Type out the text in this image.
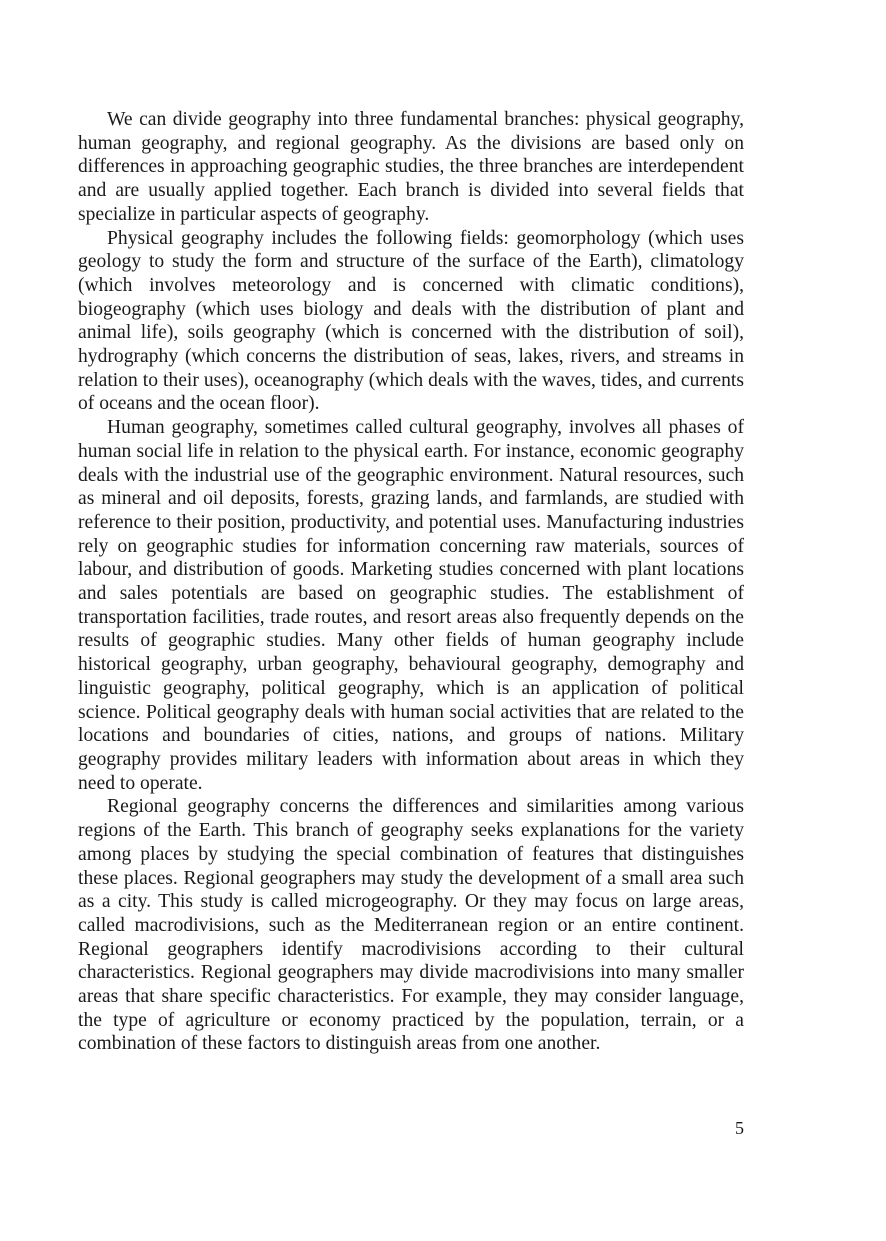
We can divide geography into three fundamental branches: physical geography, human geography, and regional geography. As the divisions are based only on differences in approaching geographic studies, the three branches are interdependent and are usually applied together. Each branch is divided into several fields that specialize in particular aspects of geography.

Physical geography includes the following fields: geomorphology (which uses geology to study the form and structure of the surface of the Earth), climatology (which involves meteorology and is concerned with climatic conditions), biogeography (which uses biology and deals with the distribution of plant and animal life), soils geography (which is concerned with the distribution of soil), hydrography (which concerns the distribution of seas, lakes, rivers, and streams in relation to their uses), oceanography (which deals with the waves, tides, and currents of oceans and the ocean floor).

Human geography, sometimes called cultural geography, involves all phases of human social life in relation to the physical earth. For instance, economic geography deals with the industrial use of the geographic environment. Natural resources, such as mineral and oil deposits, forests, grazing lands, and farmlands, are studied with reference to their position, productivity, and potential uses. Manufacturing industries rely on geographic studies for information concerning raw materials, sources of labour, and distribution of goods. Marketing studies concerned with plant locations and sales potentials are based on geographic studies. The establishment of transportation facilities, trade routes, and resort areas also frequently depends on the results of geographic studies. Many other fields of human geography include historical geography, urban geography, behavioural geography, demography and linguistic geography, political geography, which is an application of political science. Political geography deals with human social activities that are related to the locations and boundaries of cities, nations, and groups of nations. Military geography provides military leaders with information about areas in which they need to operate.

Regional geography concerns the differences and similarities among various regions of the Earth. This branch of geography seeks explanations for the variety among places by studying the special combination of features that distinguishes these places. Regional geographers may study the development of a small area such as a city. This study is called microgeography. Or they may focus on large areas, called macrodivisions, such as the Mediterranean region or an entire continent. Regional geographers identify macrodivisions according to their cultural characteristics. Regional geographers may divide macrodivisions into many smaller areas that share specific characteristics. For example, they may consider language, the type of agriculture or economy practiced by the population, terrain, or a combination of these factors to distinguish areas from one another.

5
